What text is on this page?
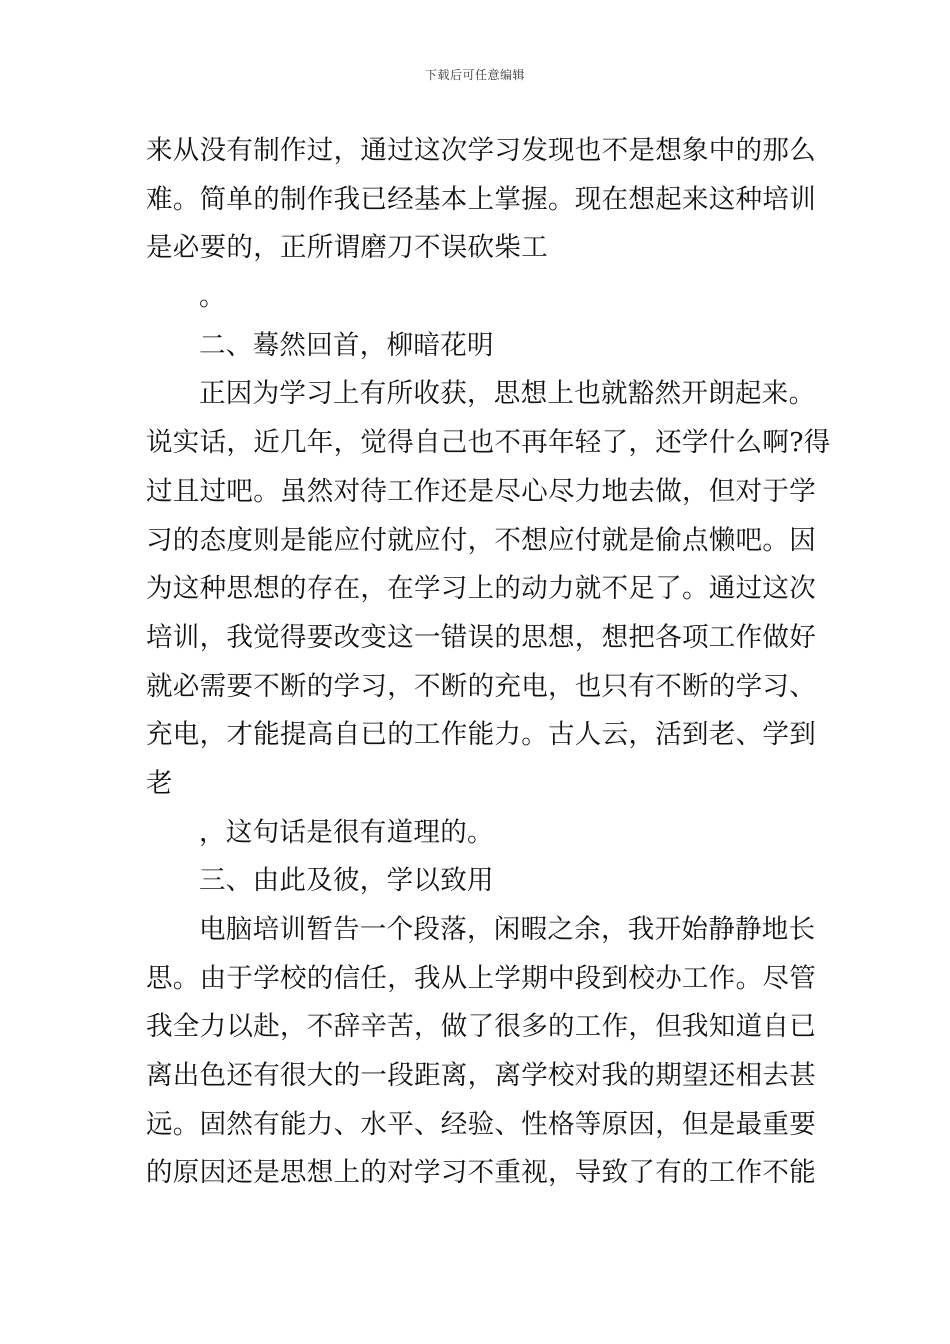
下载后可任意编辑
来从没有制作过，通过这次学习发现也不是想象中的那么
难。简单的制作我已经基本上掌握。现在想起来这种培训
是必要的，正所谓磨刀不误砍柴工
。
二、蓦然回首，柳暗花明
正因为学习上有所收获，思想上也就豁然开朗起来。
说实话，近几年，觉得自己也不再年轻了，还学什么啊?得
过且过吧。虽然对待工作还是尽心尽力地去做，但对于学
习的态度则是能应付就应付，不想应付就是偷点懒吧。因
为这种思想的存在，在学习上的动力就不足了。通过这次
培训，我觉得要改变这一错误的思想，想把各项工作做好
就必需要不断的学习，不断的充电，也只有不断的学习、
充电，才能提高自已的工作能力。古人云，活到老、学到
老
，这句话是很有道理的。
三、由此及彼，学以致用
电脑培训暂告一个段落，闲暇之余，我开始静静地长
思。由于学校的信任，我从上学期中段到校办工作。尽管
我全力以赴，不辞辛苦，做了很多的工作，但我知道自已
离出色还有很大的一段距离，离学校对我的期望还相去甚
远。固然有能力、水平、经验、性格等原因，但是最重要
的原因还是思想上的对学习不重视，导致了有的工作不能
